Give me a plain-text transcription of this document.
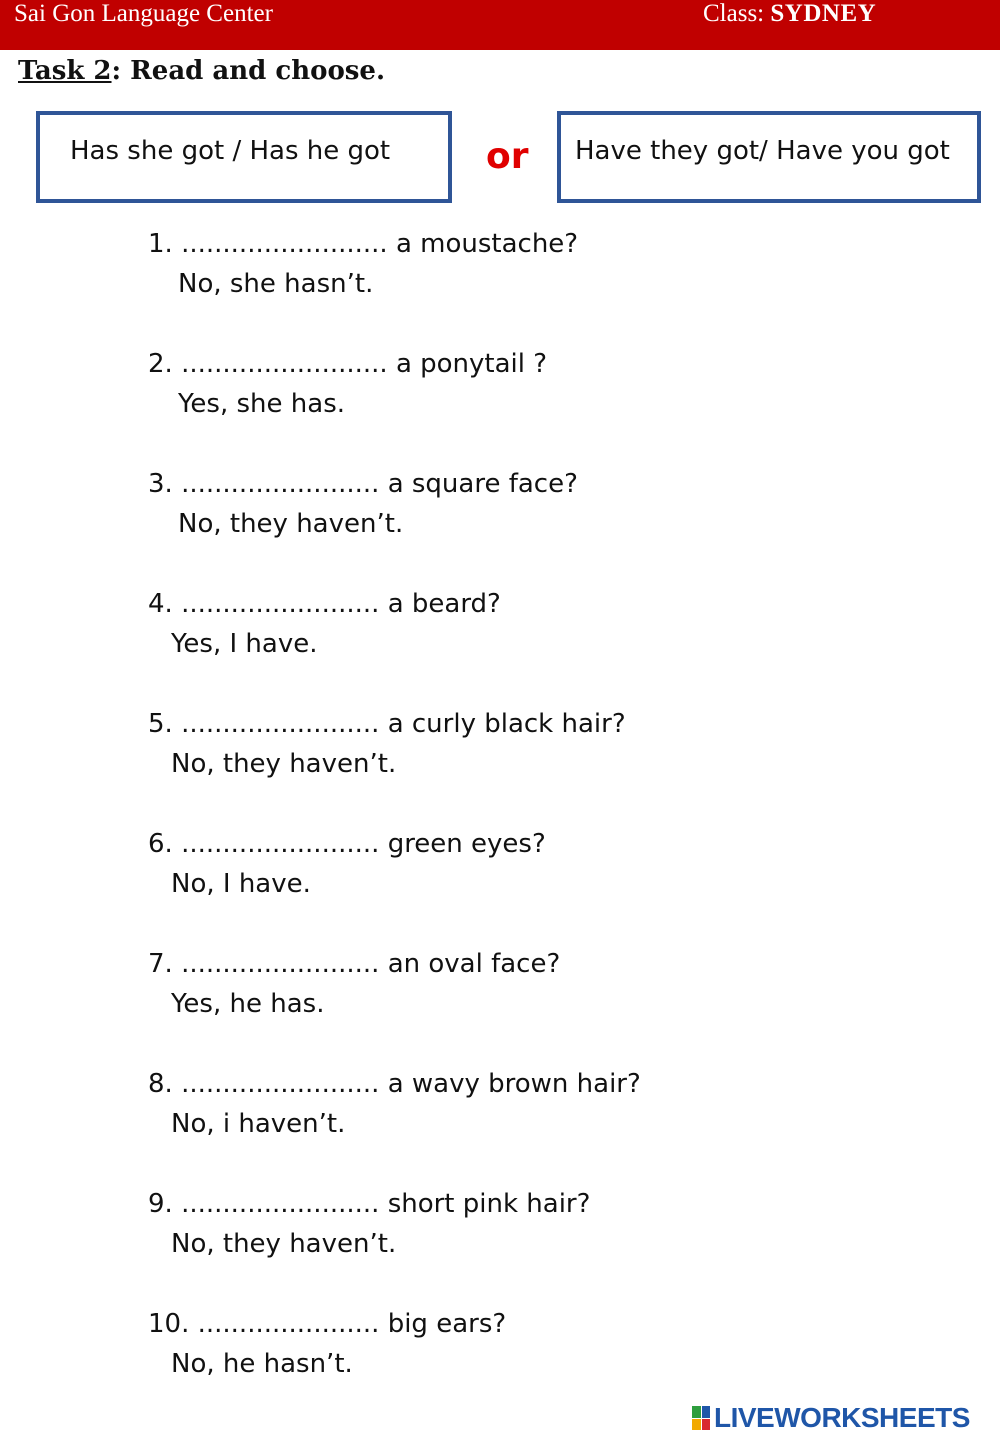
Sai Gon Language Center	Class: SYDNEY
Task 2: Read and choose.
Has she got / Has he got	or Have they got/ Have you got
1. ......................... a moustache?
No, she hasn’t.
2. ......................... a ponytail ?
Yes, she has.
3. ........................ a square face?
No, they haven’t.
4. ........................ a beard?
Yes, I have.
5. ........................ a curly black hair?
No, they haven’t.
6. ........................ green eyes?
No, I have.
7. ........................ an oval face?
Yes, he has.
8. ........................ a wavy brown hair?
No, i haven’t.
9. ........................ short pink hair?
No, they haven’t.
10. ...................... big ears?
No, he hasn’t.
LIVEWORKSHEETS
